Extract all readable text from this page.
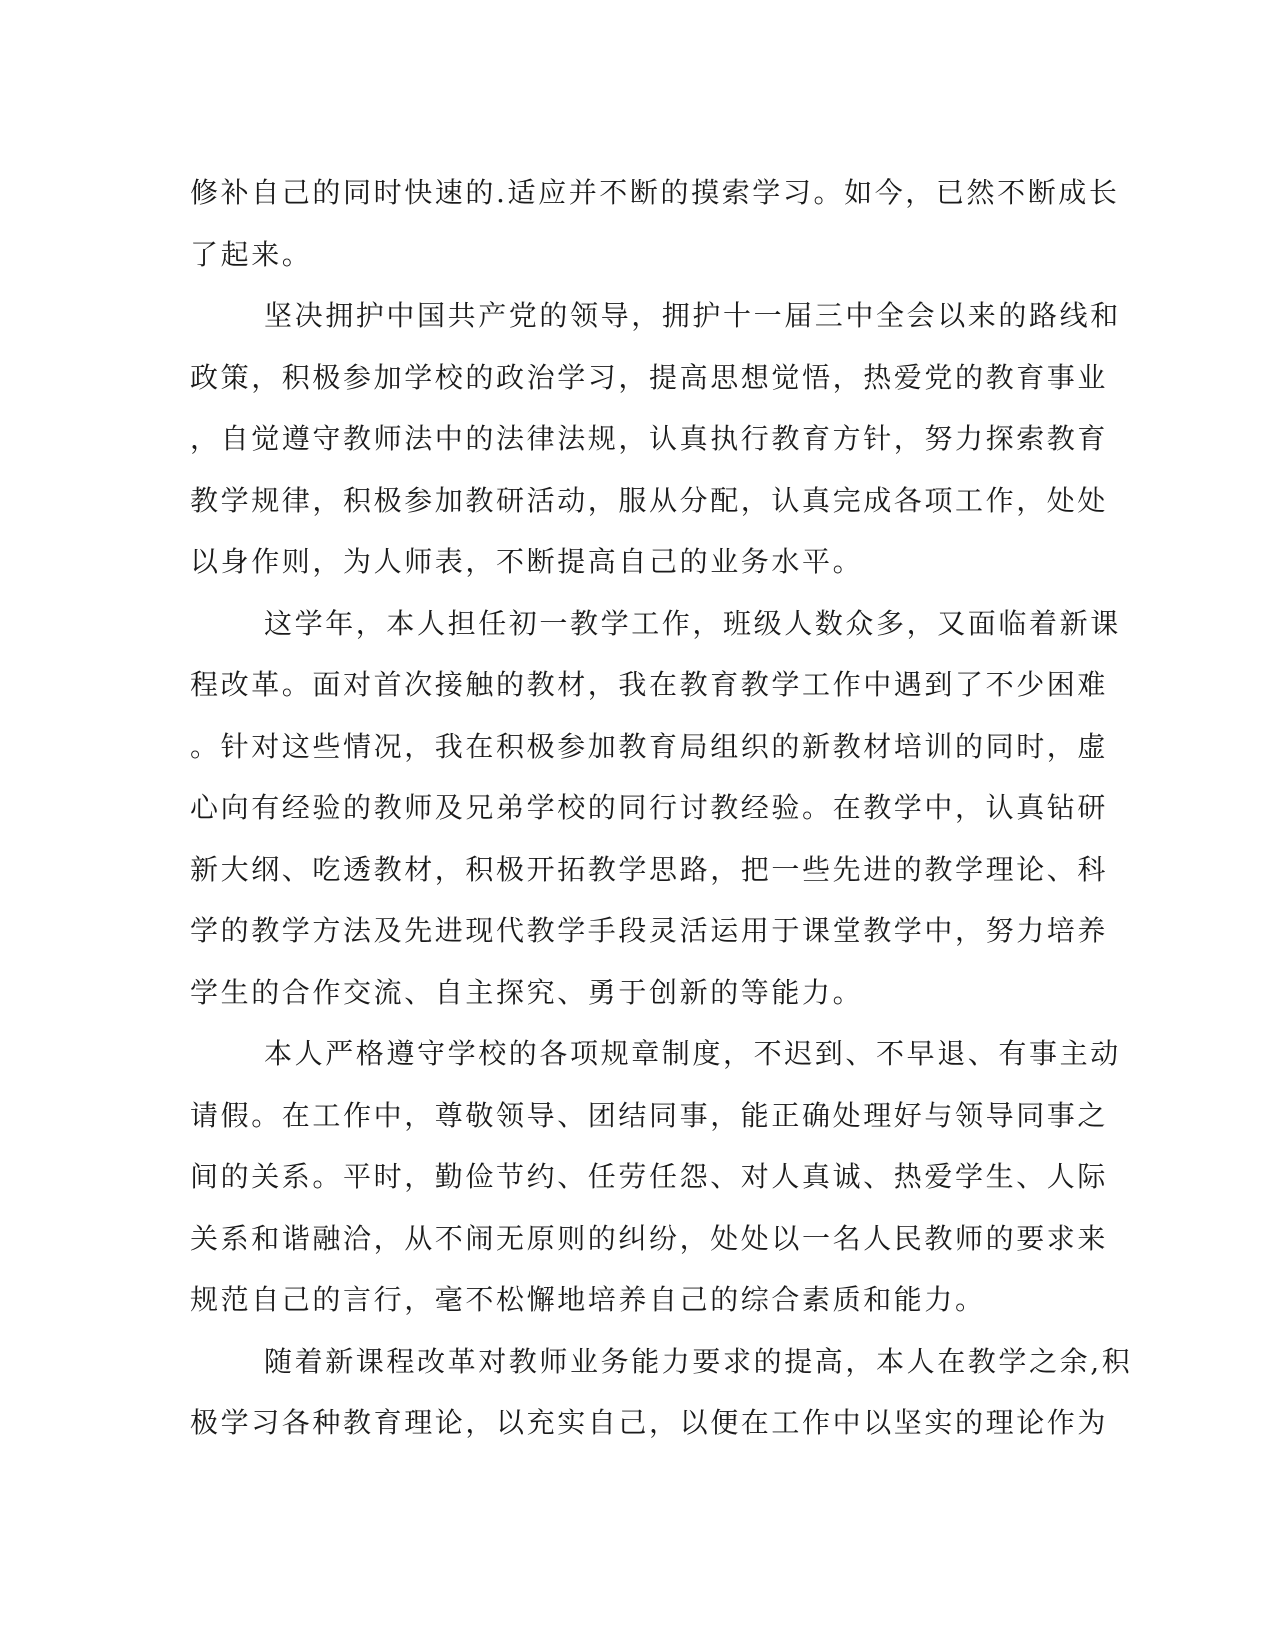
修补自己的同时快速的.适应并不断的摸索学习。如今，已然不断成长
了起来。
坚决拥护中国共产党的领导，拥护十一届三中全会以来的路线和
政策，积极参加学校的政治学习，提高思想觉悟，热爱党的教育事业
，自觉遵守教师法中的法律法规，认真执行教育方针，努力探索教育
教学规律，积极参加教研活动，服从分配，认真完成各项工作，处处
以身作则，为人师表，不断提高自己的业务水平。
这学年，本人担任初一教学工作，班级人数众多，又面临着新课
程改革。面对首次接触的教材，我在教育教学工作中遇到了不少困难
。针对这些情况，我在积极参加教育局组织的新教材培训的同时，虚
心向有经验的教师及兄弟学校的同行讨教经验。在教学中，认真钻研
新大纲、吃透教材，积极开拓教学思路，把一些先进的教学理论、科
学的教学方法及先进现代教学手段灵活运用于课堂教学中，努力培养
学生的合作交流、自主探究、勇于创新的等能力。
本人严格遵守学校的各项规章制度，不迟到、不早退、有事主动
请假。在工作中，尊敬领导、团结同事，能正确处理好与领导同事之
间的关系。平时，勤俭节约、任劳任怨、对人真诚、热爱学生、人际
关系和谐融洽，从不闹无原则的纠纷，处处以一名人民教师的要求来
规范自己的言行，毫不松懈地培养自己的综合素质和能力。
随着新课程改革对教师业务能力要求的提高，本人在教学之余,积
极学习各种教育理论，以充实自己，以便在工作中以坚实的理论作为
